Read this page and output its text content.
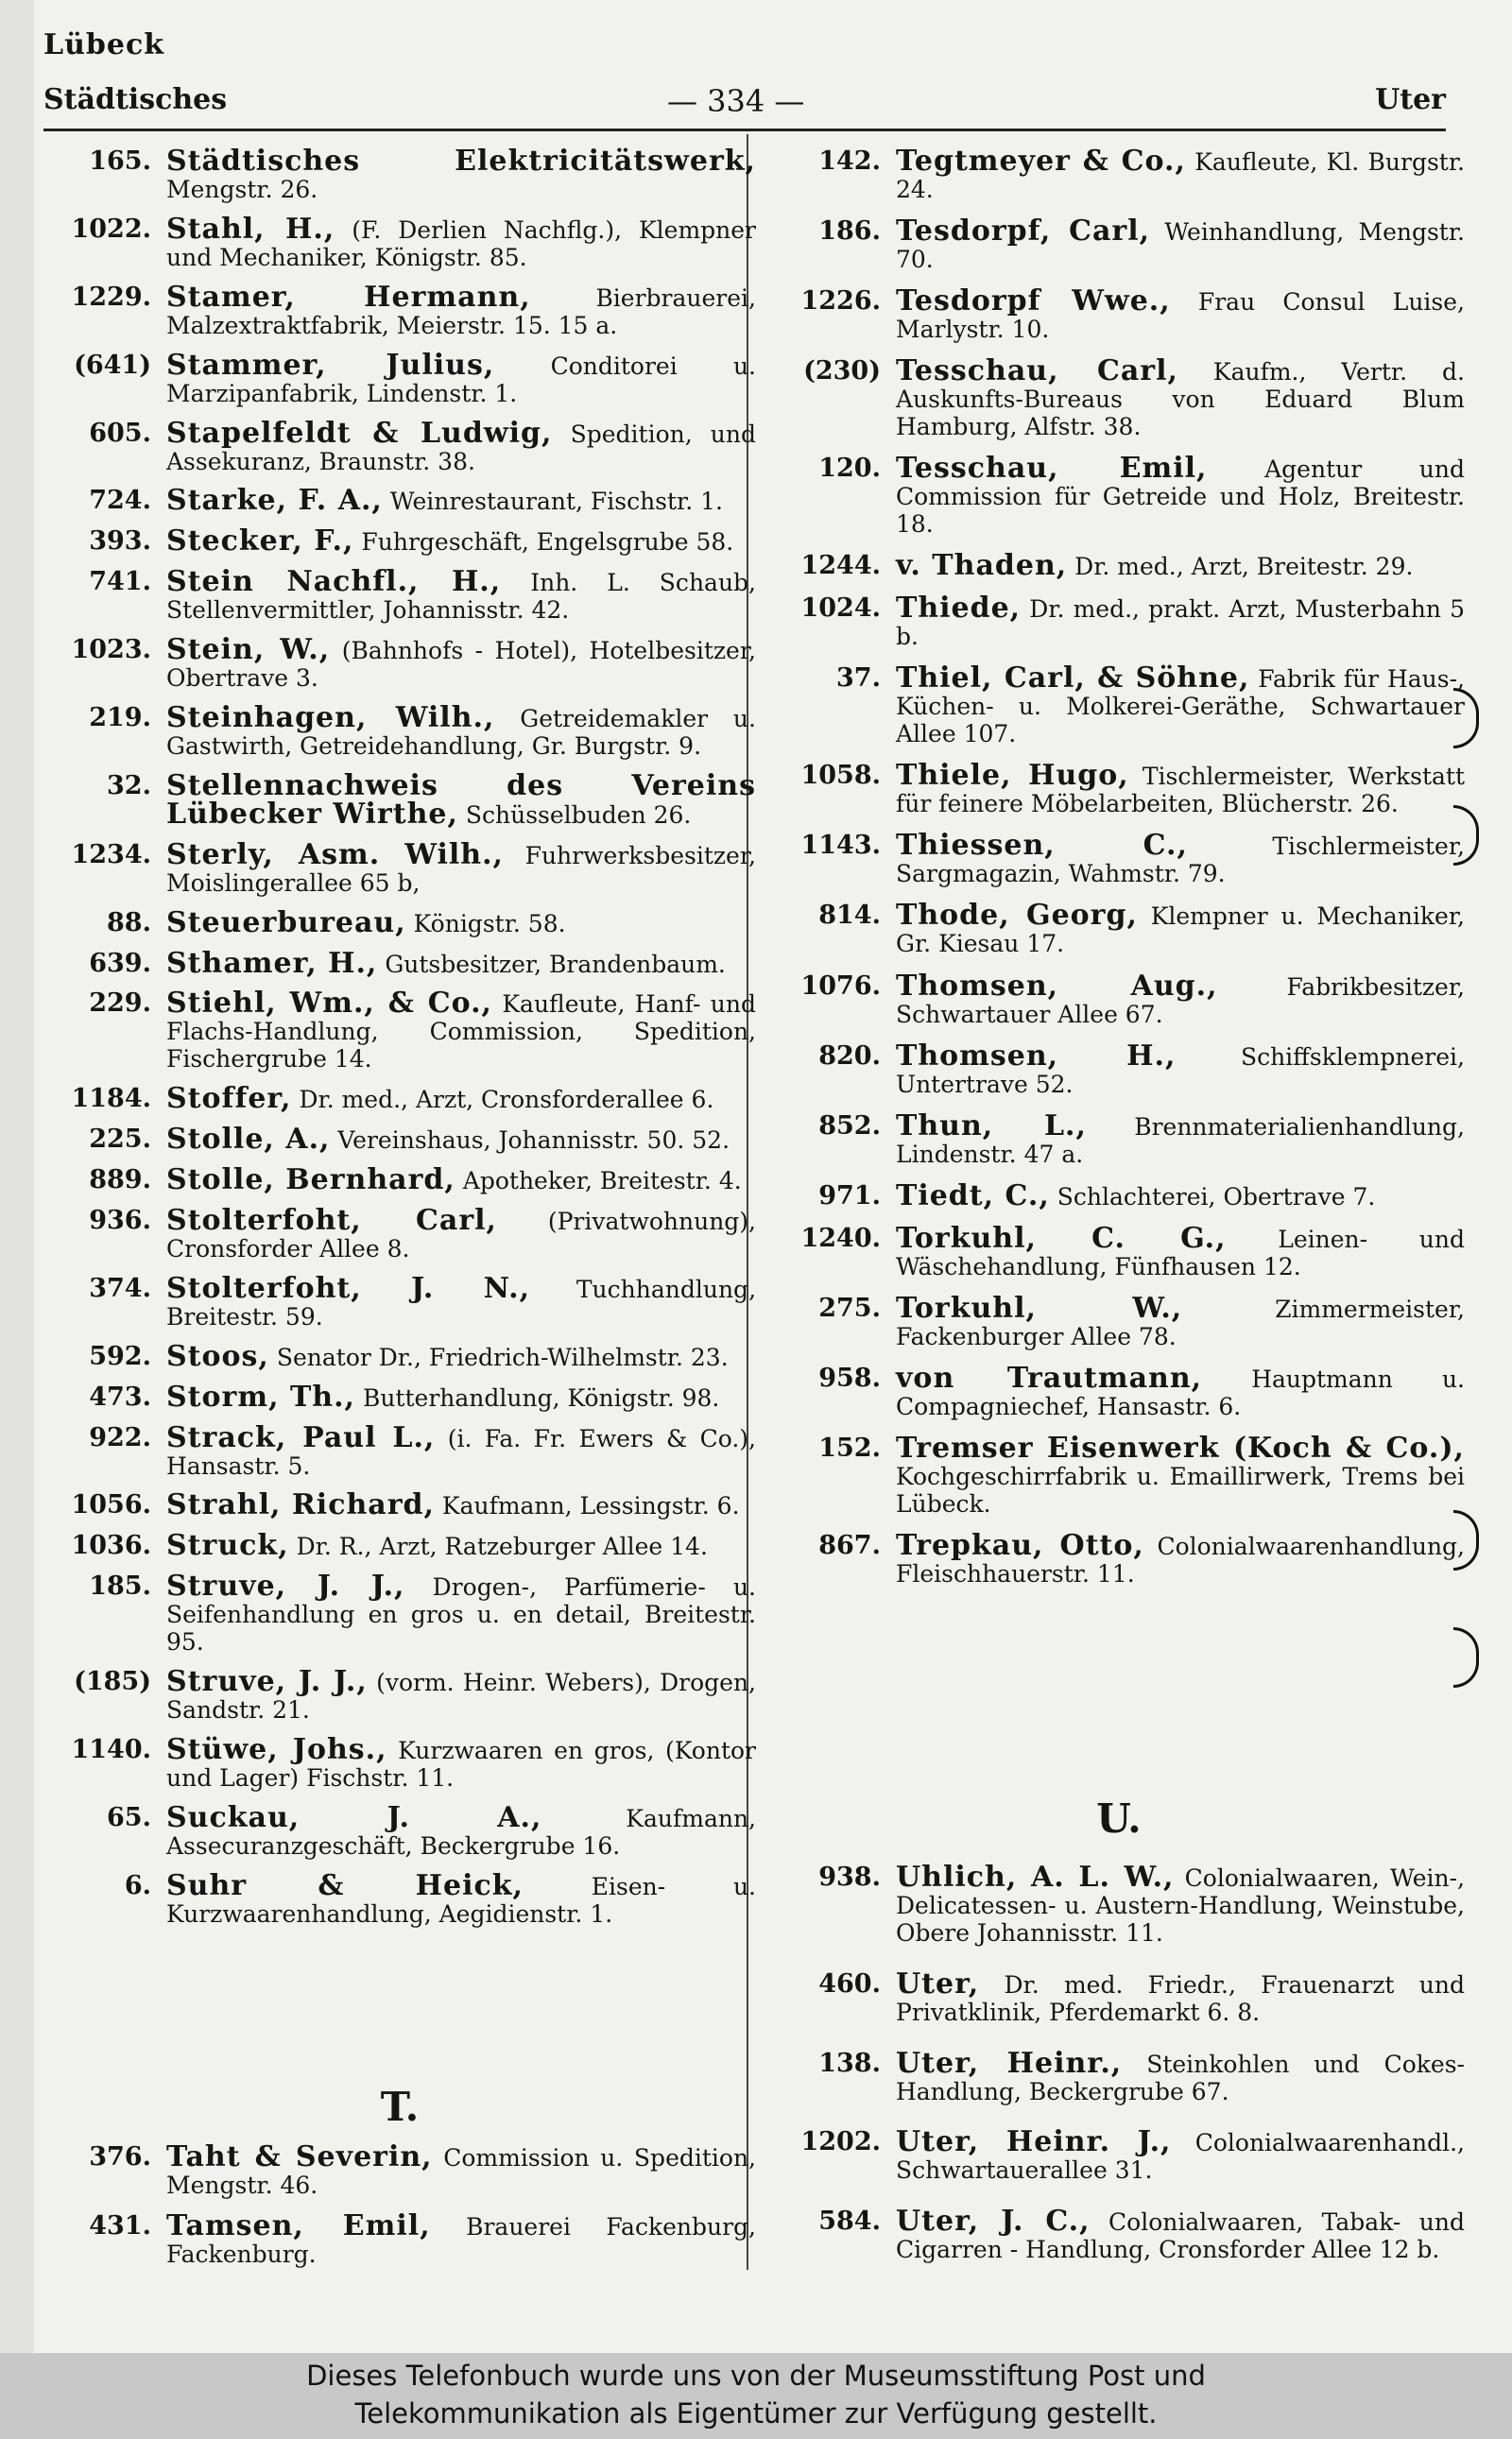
Lübeck
Städtisches	— 334 —	Uter
165. Städtisches Elektricitätswerk, Mengstr. 26.
1022. Stahl, H., (F. Derlien Nachflg.), Klempner und Mechaniker, Königstr. 85.
1229. Stamer, Hermann,	Bierbrauerei, Malzextraktfabrik, Meierstr. 15. 15 a.
(641) Stammer, Julius, Conditorei u. Marzipanfabrik, Lindenstr. 1.
605. Stapelfeldt & Ludwig, Spedition, und Assekuranz, Braunstr. 38.
724. Starke, F. A., Weinrestaurant, Fischstr. 1.
393. Stecker, F., Fuhrgeschäft, Engelsgrube 58.
741. Stein Nachfl., H., Inh. L. Schaub, Stellenvermittler, Johannisstr. 42.
1023. Stein, W., (Bahnhofs - Hotel), Hotelbesitzer, Obertrave 3.
219. Steinhagen, Wilh., Getreidemakler u. Gastwirth, Getreidehandlung, Gr. Burgstr. 9.
32. Stellennachweis des Vereins Lübecker Wirthe, Schüsselbuden 26.
1234. Sterly, Asm. Wilh., Fuhrwerksbesitzer, Moislingerallee 65 b,
88. Steuerbureau, Königstr. 58.
639. Sthamer, H., Gutsbesitzer, Brandenbaum.
229. Stiehl, Wm., & Co., Kaufleute, Hanf- und Flachs-Handlung, Commission, Spedition, Fischergrube 14.
1184. Stoffer, Dr. med., Arzt, Cronsforderallee 6.
225. Stolle, A., Vereinshaus, Johannisstr. 50. 52.
889. Stolle, Bernhard, Apotheker, Breitestr. 4.
936. Stolterfoht, Carl, (Privatwohnung), Cronsforder Allee 8.
374. Stolterfoht, J. N., Tuchhandlung, Breitestr. 59.
592. Stoos, Senator Dr., Friedrich-Wilhelmstr. 23.
473. Storm, Th., Butterhandlung, Königstr. 98.
922. Strack, Paul L., (i. Fa. Fr. Ewers & Co.), Hansastr. 5.
1056. Strahl, Richard, Kaufmann, Lessingstr. 6.
1036. Struck, Dr. R., Arzt, Ratzeburger Allee 14.
185. Struve, J. J., Drogen-, Parfümerie- u. Seifenhandlung en gros u. en detail, Breitestr. 95.
(185) Struve, J. J., (vorm. Heinr. Webers), Drogen, Sandstr. 21.
1140. Stüwe, Johs., Kurzwaaren en gros, (Kontor und Lager) Fischstr. 11.
65. Suckau, J. A.,	Kaufmann, Assecuranzgeschäft, Beckergrube 16.
6. Suhr & Heick,	Eisen- u. Kurzwaarenhandlung, Aegidienstr. 1.
T.
376. Taht & Severin, Commission u. Spedition, Mengstr. 46.
431. Tamsen, Emil, Brauerei Fackenburg, Fackenburg.
142. Tegtmeyer & Co., Kaufleute, Kl. Burgstr. 24.
186. Tesdorpf, Carl, Weinhandlung, Mengstr. 70.
1226. Tesdorpf Wwe., Frau Consul Luise, Marlystr. 10.
(230) Tesschau, Carl, Kaufm., Vertr. d. Auskunfts-Bureaus von Eduard Blum Hamburg, Alfstr. 38.
120. Tesschau, Emil, Agentur und Commission für Getreide und Holz, Breitestr. 18.
1244. v. Thaden, Dr. med., Arzt, Breitestr. 29.
1024. Thiede, Dr. med., prakt. Arzt, Musterbahn 5 b.
37. Thiel, Carl, & Söhne, Fabrik für Haus-, Küchen- u. Molkerei-Geräthe, Schwartauer Allee 107.
1058. Thiele, Hugo, Tischlermeister, Werkstatt für feinere Möbelarbeiten, Blücherstr. 26.
1143. Thiessen, C.,	Tischlermeister, Sargmagazin, Wahmstr. 79.
814. Thode, Georg, Klempner u. Mechaniker, Gr. Kiesau 17.
1076. Thomsen, Aug.,	Fabrikbesitzer, Schwartauer Allee 67.
820. Thomsen, H.,	Schiffsklempnerei, Untertrave 52.
852. Thun, L., Brennmaterialienhandlung, Lindenstr. 47 a.
971. Tiedt, C., Schlachterei, Obertrave 7.
1240. Torkuhl, C. G., Leinen- und Wäschehandlung, Fünfhausen 12.
275. Torkuhl, W.,	Zimmermeister, Fackenburger Allee 78.
958. von Trautmann, Hauptmann u. Compagniechef, Hansastr. 6.
152. Tremser Eisenwerk (Koch & Co.), Kochgeschirrfabrik u. Emaillirwerk, Trems bei Lübeck.
867. Trepkau, Otto, Colonialwaarenhandlung, Fleischhauerstr. 11.
U.
938. Uhlich, A. L. W., Colonialwaaren, Wein-, Delicatessen- u. Austern-Handlung, Weinstube, Obere Johannisstr. 11.
460. Uter, Dr. med. Friedr., Frauenarzt und Privatklinik, Pferdemarkt 6. 8.
138. Uter, Heinr., Steinkohlen und Cokes-Handlung, Beckergrube 67.
1202. Uter, Heinr. J., Colonialwaarenhandl., Schwartauerallee 31.
584. Uter, J. C., Colonialwaaren, Tabak- und Cigarren - Handlung, Cronsforder Allee 12 b.
Dieses Telefonbuch wurde uns von der Museumsstiftung Post und
Telekommunikation als Eigentümer zur Verfügung gestellt.
